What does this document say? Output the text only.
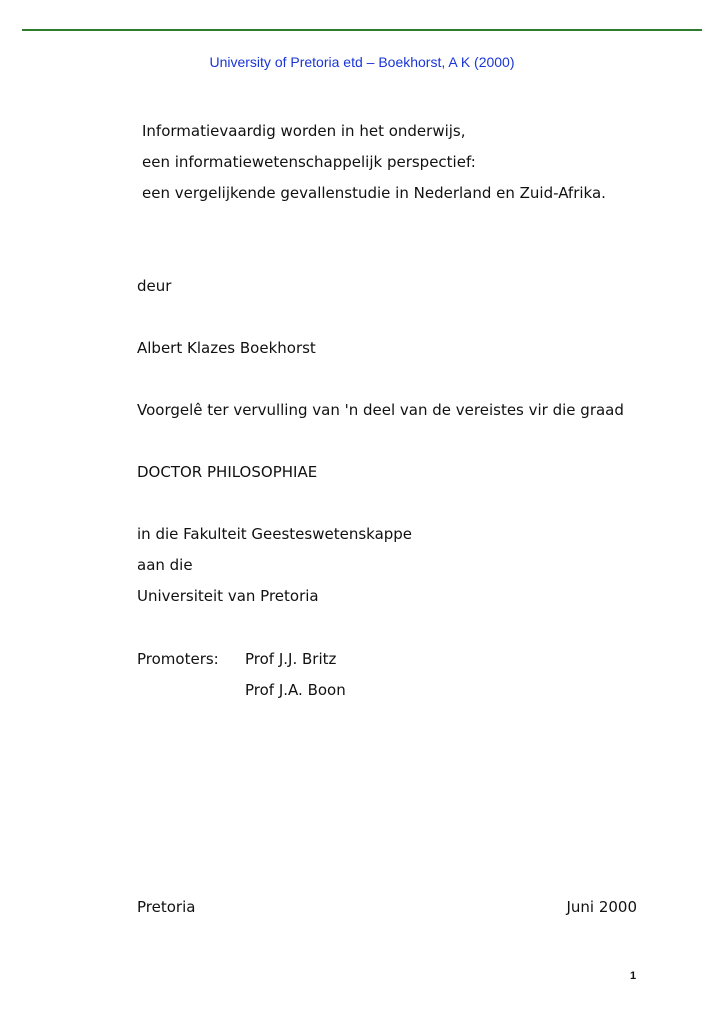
University of Pretoria etd – Boekhorst, A K (2000)
Informatievaardig worden in het onderwijs,
een informatiewetenschappelijk perspectief:
een vergelijkende gevallenstudie in Nederland en Zuid-Afrika.
deur
Albert Klazes Boekhorst
Voorgelê ter vervulling van 'n deel van de vereistes vir die graad
DOCTOR PHILOSOPHIAE
in die Fakulteit Geesteswetenskappe
aan die
Universiteit van Pretoria
Promoters: Prof J.J. Britz
Prof J.A. Boon
Pretoria	Juni 2000
1
